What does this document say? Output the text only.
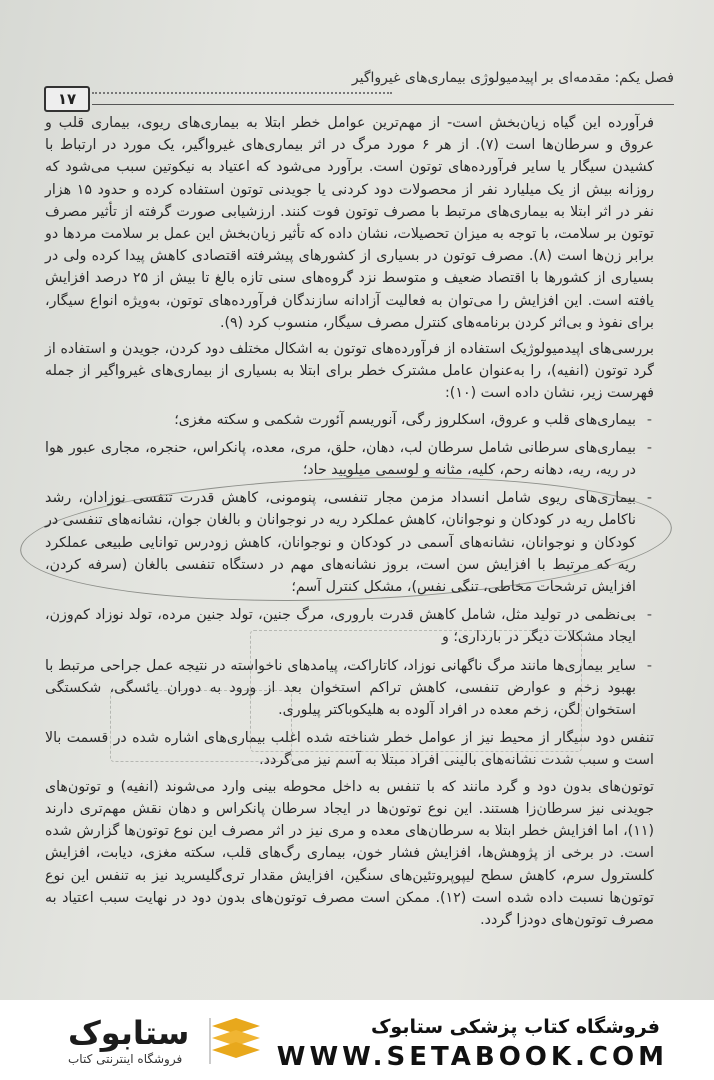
۱۷
فصل یکم: مقدمه‌ای بر اپیدمیولوژی بیماری‌های غیرواگیر

فرآورده این گیاه زیان‌بخش است- از مهم‌ترین عوامل خطر ابتلا به بیماری‌های ریوی، بیماری قلب و عروق و سرطان‌ها است (۷). از هر ۶ مورد مرگ در اثر بیماری‌های غیرواگیر، یک مورد در ارتباط با کشیدن سیگار یا سایر فرآورده‌های توتون است. برآورد می‌شود که اعتیاد به نیکوتین سبب می‌شود که روزانه بیش از یک میلیارد نفر از محصولات دود کردنی یا جویدنی توتون استفاده کرده و حدود ۱۵ هزار نفر در اثر ابتلا به بیماری‌های مرتبط با مصرف توتون فوت کنند. ارزشیابی صورت گرفته از تأثیر مصرف توتون بر سلامت، با توجه به میزان تحصیلات، نشان داده که تأثیر زیان‌بخش این عمل بر سلامت مردها دو برابر زن‌ها است (۸). مصرف توتون در بسیاری از کشورهای پیشرفته اقتصادی کاهش پیدا کرده ولی در بسیاری از کشورها با اقتصاد ضعیف و متوسط نزد گروه‌های سنی تازه بالغ تا بیش از ۲۵ درصد افزایش یافته است. این افزایش را می‌توان به فعالیت آزادانه سازندگان فرآورده‌های توتون، به‌ویژه انواع سیگار، برای نفوذ و بی‌اثر کردن برنامه‌های کنترل مصرف سیگار، منسوب کرد (۹).

بررسی‌های اپیدمیولوژیک استفاده از فرآورده‌های توتون به اشکال مختلف دود کردن، جویدن و استفاده از گرد توتون (انفیه)، را به‌عنوان عامل مشترک خطر برای ابتلا به بسیاری از بیماری‌های غیرواگیر از جمله فهرست زیر، نشان داده است (۱۰):

- بیماری‌های قلب و عروق، اسکلروز رگی، آنوریسم آئورت شکمی و سکته مغزی؛
- بیماری‌های سرطانی شامل سرطان لب، دهان، حلق، مری، معده، پانکراس، حنجره، مجاری عبور هوا در ریه، ریه، دهانه رحم، کلیه، مثانه و لوسمی میلویید حاد؛
- بیماری‌های ریوی شامل انسداد مزمن مجار تنفسی، پنومونی، کاهش قدرت تنفسی نوزادان، رشد ناکامل ریه در کودکان و نوجوانان، کاهش عملکرد ریه در نوجوانان و بالغان جوان، نشانه‌های تنفسی در کودکان و نوجوانان، نشانه‌های آسمی در کودکان و نوجوانان، کاهش زودرس توانایی طبیعی عملکرد ریه که مرتبط با افزایش سن است، بروز نشانه‌های مهم در دستگاه تنفسی بالغان (سرفه کردن، افزایش ترشحات مخاطی، تنگی نفس)، مشکل کنترل آسم؛
- بی‌نظمی در تولید مثل، شامل کاهش قدرت باروری، مرگ جنین، تولد جنین مرده، تولد نوزاد کم‌وزن، ایجاد مشکلات دیگر در بارداری؛ و
- سایر بیماری‌ها مانند مرگ ناگهانی نوزاد، کاتاراکت، پیامدهای ناخواسته در نتیجه عمل جراحی مرتبط با بهبود زخم و عوارض تنفسی، کاهش تراکم استخوان بعد از ورود به دوران یائسگی، شکستگی استخوان لگن، زخم معده در افراد آلوده به هلیکوباکتر پیلوری.

تنفس دود سیگار از محیط نیز از عوامل خطر شناخته شده اغلب بیماری‌های اشاره شده در قسمت بالا است و سبب شدت نشانه‌های بالینی افراد مبتلا به آسم نیز می‌گردد.

توتون‌های بدون دود و گرد مانند که با تنفس به داخل محوطه بینی وارد می‌شوند (انفیه) و توتون‌های جویدنی نیز سرطان‌زا هستند. این نوع توتون‌ها در ایجاد سرطان پانکراس و دهان نقش مهم‌تری دارند (۱۱)، اما افزایش خطر ابتلا به سرطان‌های معده و مری نیز در اثر مصرف این نوع توتون‌ها گزارش شده است. در برخی از پژوهش‌ها، افزایش فشار خون، بیماری رگ‌های قلب، سکته مغزی، دیابت، افزایش کلسترول سرم، کاهش سطح لیپوپروتئین‌های سنگین، افزایش مقدار تری‌گلیسرید نیز به تنفس این نوع توتون‌ها نسبت داده شده است (۱۲). ممکن است مصرف توتون‌های بدون دود در نهایت سبب اعتیاد به مصرف توتون‌های دودزا گردد.

ستابوک
فروشگاه اینترنتی کتاب
فروشگاه کتاب پزشکی ستابوک
WWW.SETABOOK.COM
